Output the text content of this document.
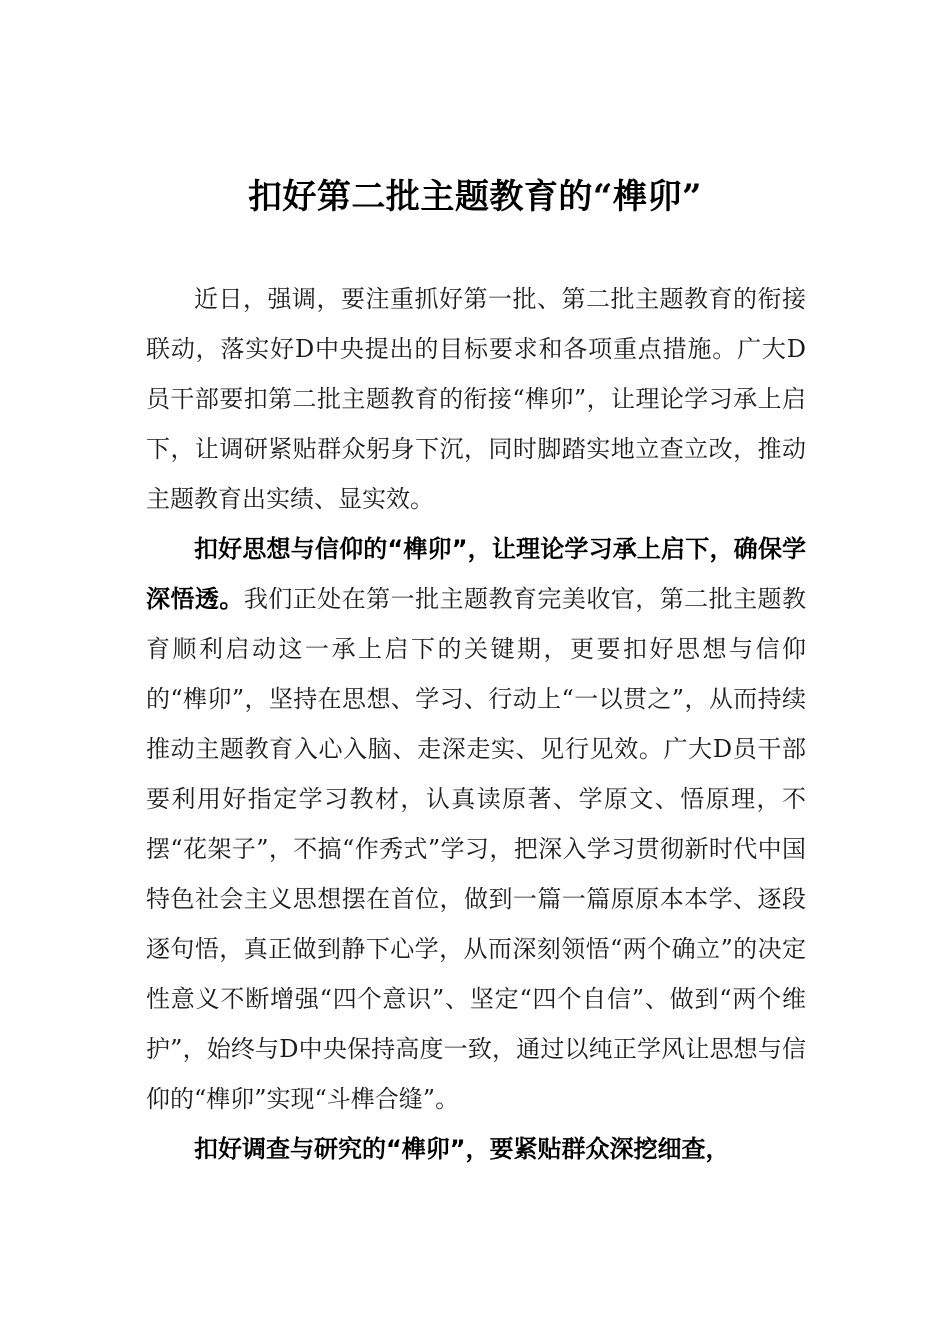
扣好第二批主题教育的“榫卯”

近日，强调，要注重抓好第一批、第二批主题教育的衔接联动，落实好D中央提出的目标要求和各项重点措施。广大D员干部要扣第二批主题教育的衔接“榫卯”，让理论学习承上启下，让调研紧贴群众躬身下沉，同时脚踏实地立查立改，推动主题教育出实绩、显实效。

扣好思想与信仰的“榫卯”，让理论学习承上启下，确保学深悟透。我们正处在第一批主题教育完美收官，第二批主题教育顺利启动这一承上启下的关键期，更要扣好思想与信仰的“榫卯”，坚持在思想、学习、行动上“一以贯之”，从而持续推动主题教育入心入脑、走深走实、见行见效。广大D员干部要利用好指定学习教材，认真读原著、学原文、悟原理，不摆“花架子”，不搞“作秀式”学习，把深入学习贯彻新时代中国特色社会主义思想摆在首位，做到一篇一篇原原本本学、逐段逐句悟，真正做到静下心学，从而深刻领悟“两个确立”的决定性意义不断增强“四个意识”、坚定“四个自信”、做到“两个维护”，始终与D中央保持高度一致，通过以纯正学风让思想与信仰的“榫卯”实现“斗榫合缝”。

扣好调查与研究的“榫卯”，要紧贴群众深挖细查，
